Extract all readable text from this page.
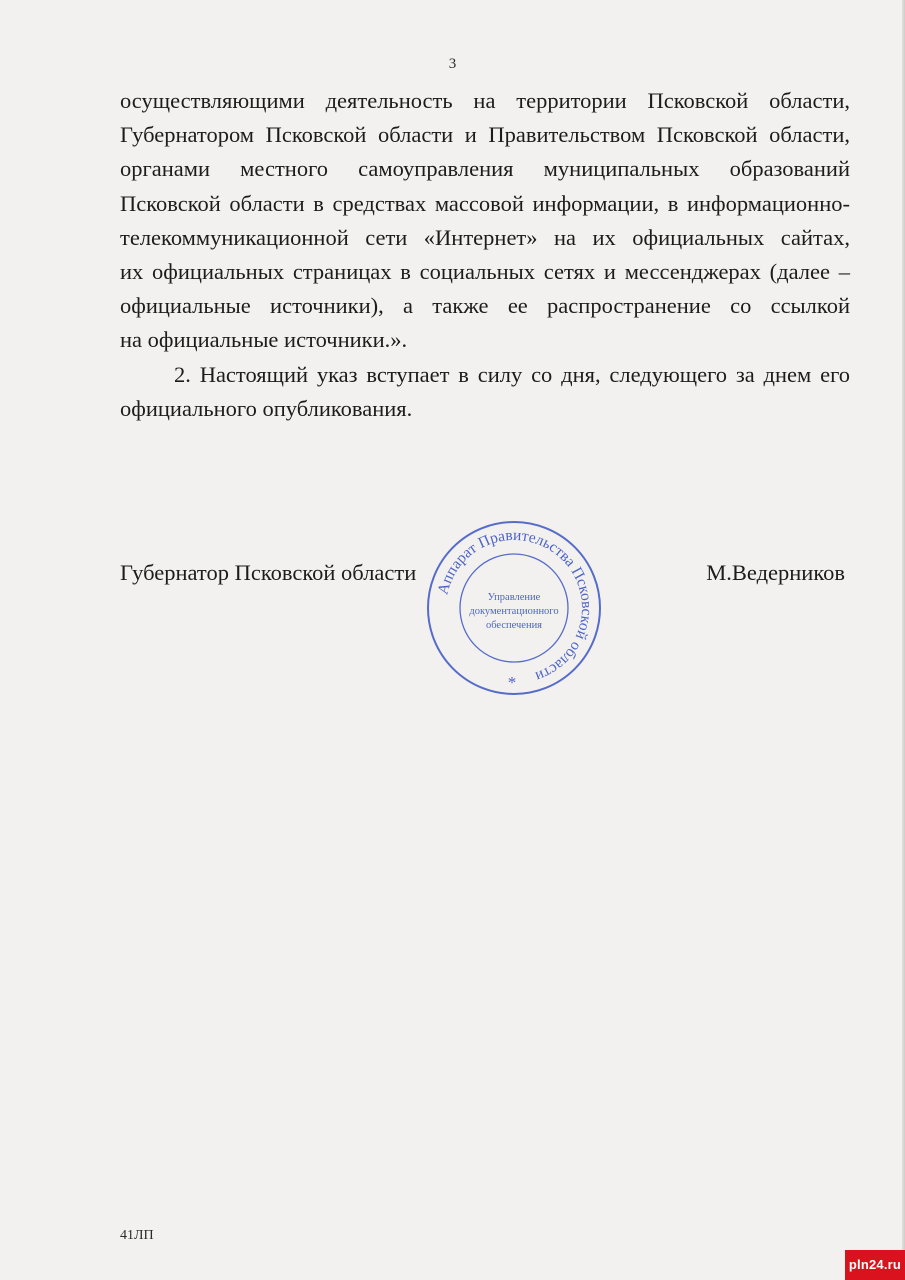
3

осуществляющими деятельность на территории Псковской области,

Губернатором Псковской области и Правительством Псковской области,

органами местного самоуправления муниципальных образований

Псковской области в средствах массовой информации, в информационно-

телекоммуникационной сети «Интернет» на их официальных сайтах,

их официальных страницах в социальных сетях и мессенджерах (далее –

официальные источники), а также ее распространение со ссылкой

на официальные источники.».

2. Настоящий указ вступает в силу со дня, следующего за днем его

официального опубликования.

Губернатор Псковской области	М.Ведерников
Аппарат Правительства Псковской области
Управление
документационного
обеспечения
*
41ЛП
pln24.ru
